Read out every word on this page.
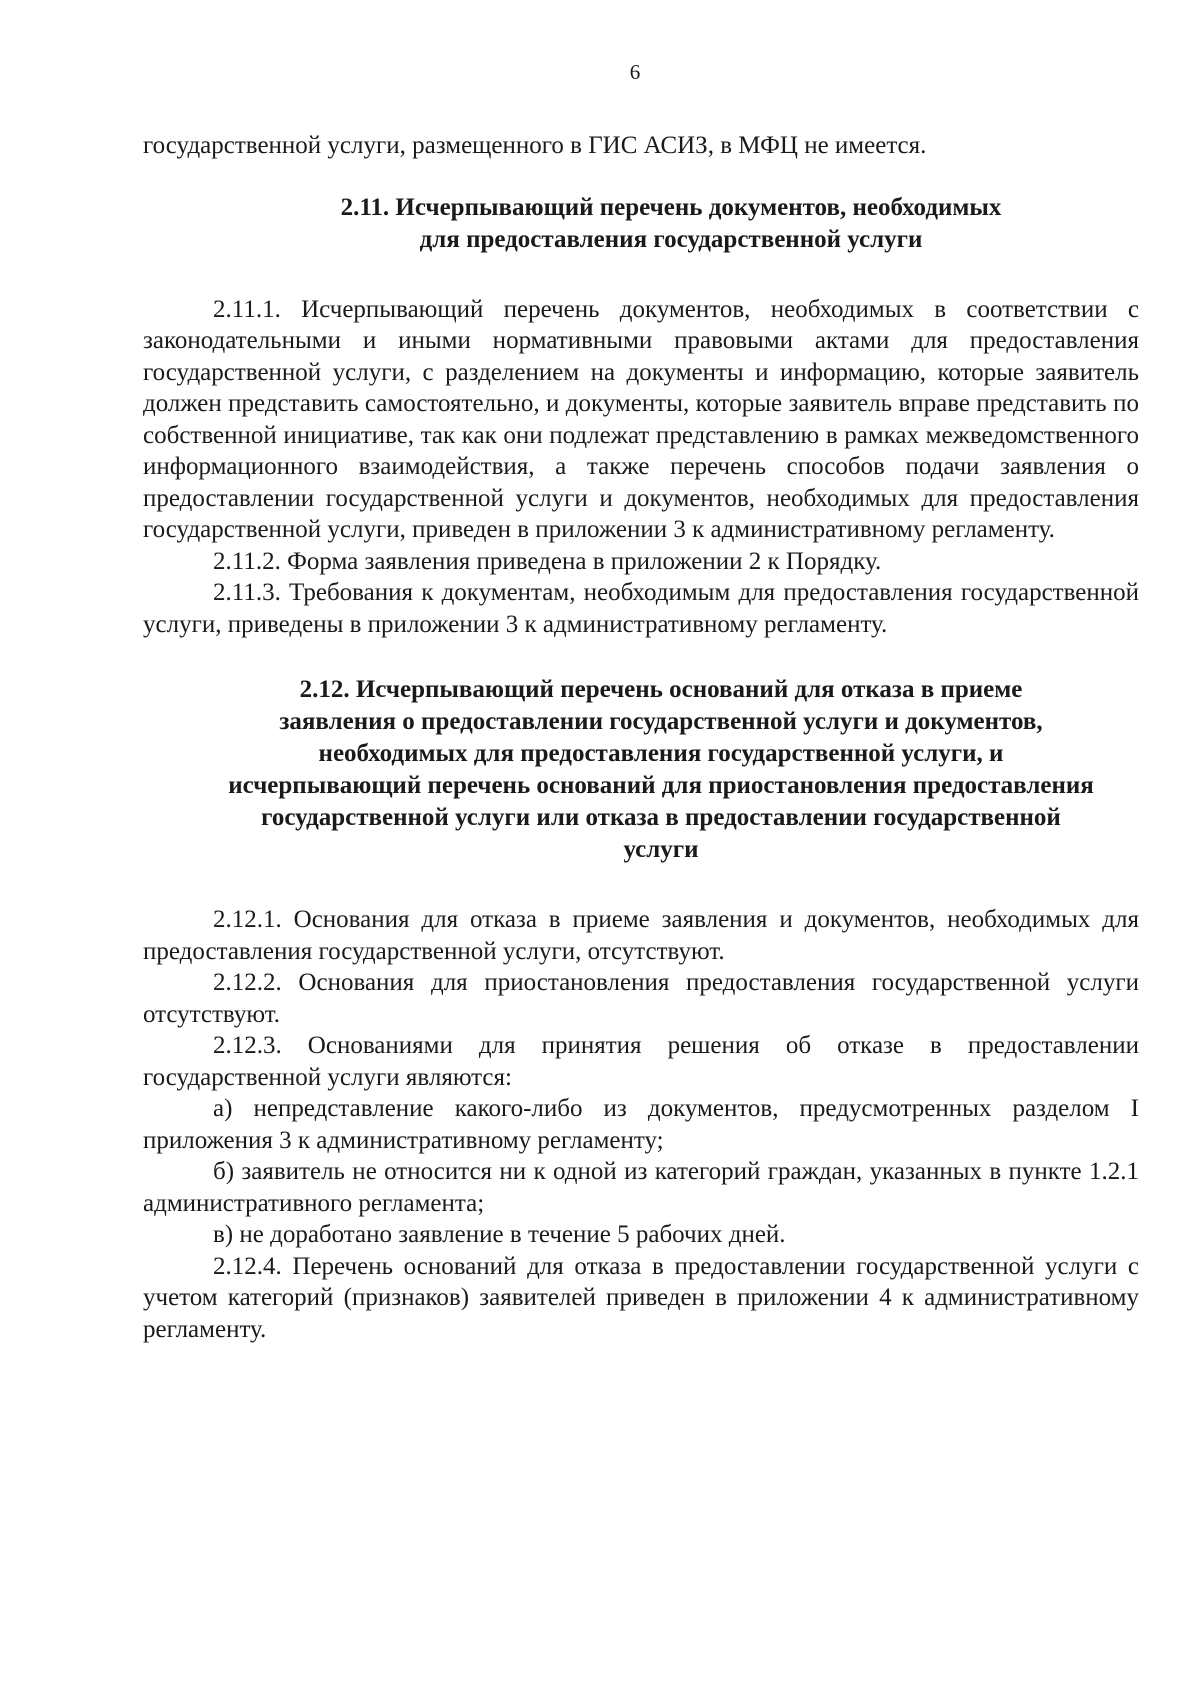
6

государственной услуги, размещенного в ГИС АСИЗ, в МФЦ не имеется.

2.11. Исчерпывающий перечень документов, необходимых
для предоставления государственной услуги

2.11.1. Исчерпывающий перечень документов, необходимых в соответствии с законодательными и иными нормативными правовыми актами для предоставления государственной услуги, с разделением на документы и информацию, которые заявитель должен представить самостоятельно, и документы, которые заявитель вправе представить по собственной инициативе, так как они подлежат представлению в рамках межведомственного информационного взаимодействия, а также перечень способов подачи заявления о предоставлении государственной услуги и документов, необходимых для предоставления государственной услуги, приведен в приложении 3 к административному регламенту.

2.11.2. Форма заявления приведена в приложении 2 к Порядку.

2.11.3. Требования к документам, необходимым для предоставления государственной услуги, приведены в приложении 3 к административному регламенту.

2.12. Исчерпывающий перечень оснований для отказа в приеме
заявления о предоставлении государственной услуги и документов,
необходимых для предоставления государственной услуги, и
исчерпывающий перечень оснований для приостановления предоставления
государственной услуги или отказа в предоставлении государственной
услуги

2.12.1. Основания для отказа в приеме заявления и документов, необходимых для предоставления государственной услуги, отсутствуют.

2.12.2. Основания для приостановления предоставления государственной услуги отсутствуют.

2.12.3. Основаниями для принятия решения об отказе в предоставлении государственной услуги являются:

а) непредставление какого-либо из документов, предусмотренных разделом I приложения 3 к административному регламенту;

б) заявитель не относится ни к одной из категорий граждан, указанных в пункте 1.2.1 административного регламента;

в) не доработано заявление в течение 5 рабочих дней.

2.12.4. Перечень оснований для отказа в предоставлении государственной услуги с учетом категорий (признаков) заявителей приведен в приложении 4 к административному регламенту.
